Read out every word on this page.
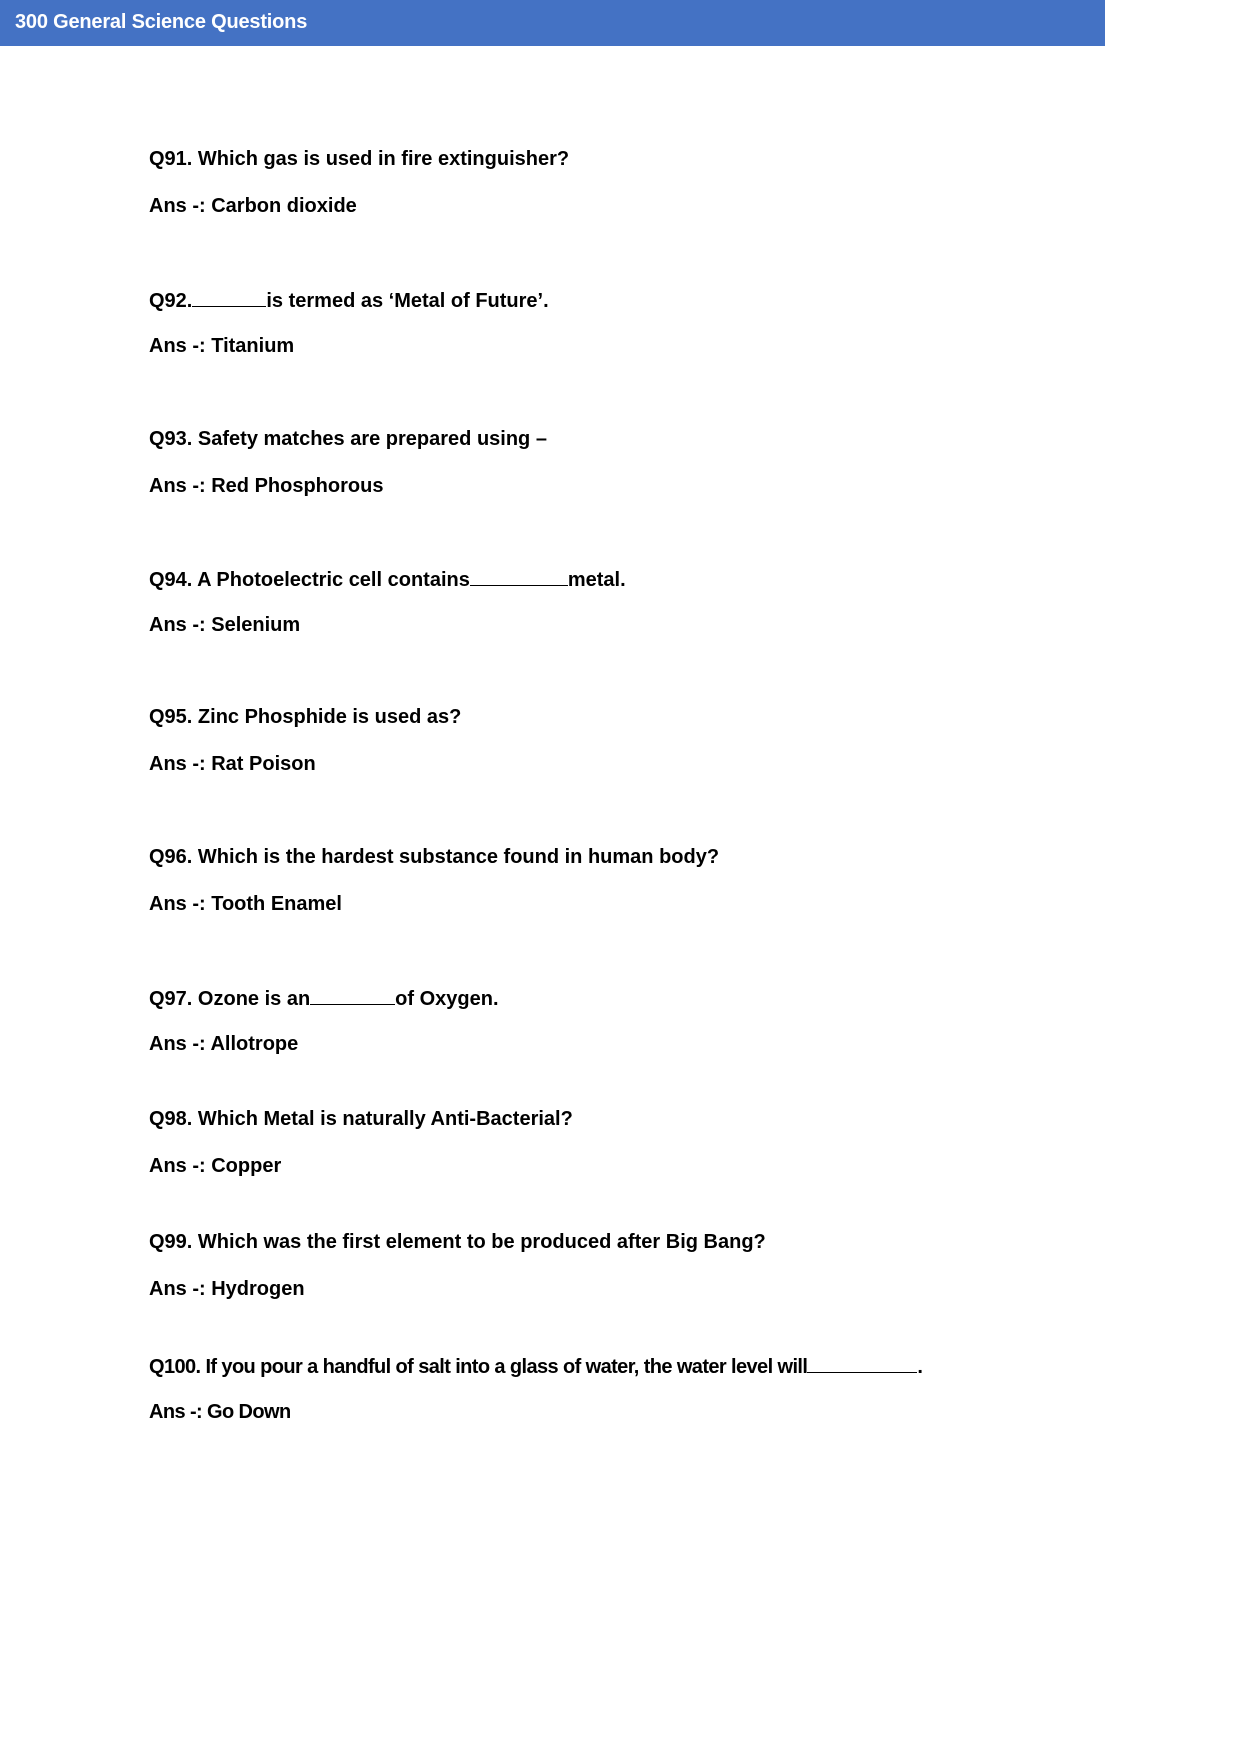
300 General Science Questions
Q91. Which gas is used in fire extinguisher?
Ans -: Carbon dioxide
Q92.	is termed as ‘Metal of Future’.
Ans -: Titanium
Q93. Safety matches are prepared using –
Ans -: Red Phosphorous
Q94. A Photoelectric cell contains	metal.
Ans -: Selenium
Q95. Zinc Phosphide is used as?
Ans -: Rat Poison
Q96. Which is the hardest substance found in human body?
Ans -: Tooth Enamel
Q97. Ozone is an	of Oxygen.
Ans -: Allotrope
Q98. Which Metal is naturally Anti-Bacterial?
Ans -: Copper
Q99. Which was the first element to be produced after Big Bang?
Ans -: Hydrogen
Q100. If you pour a handful of salt into a glass of water, the water level will	.
Ans -: Go Down
